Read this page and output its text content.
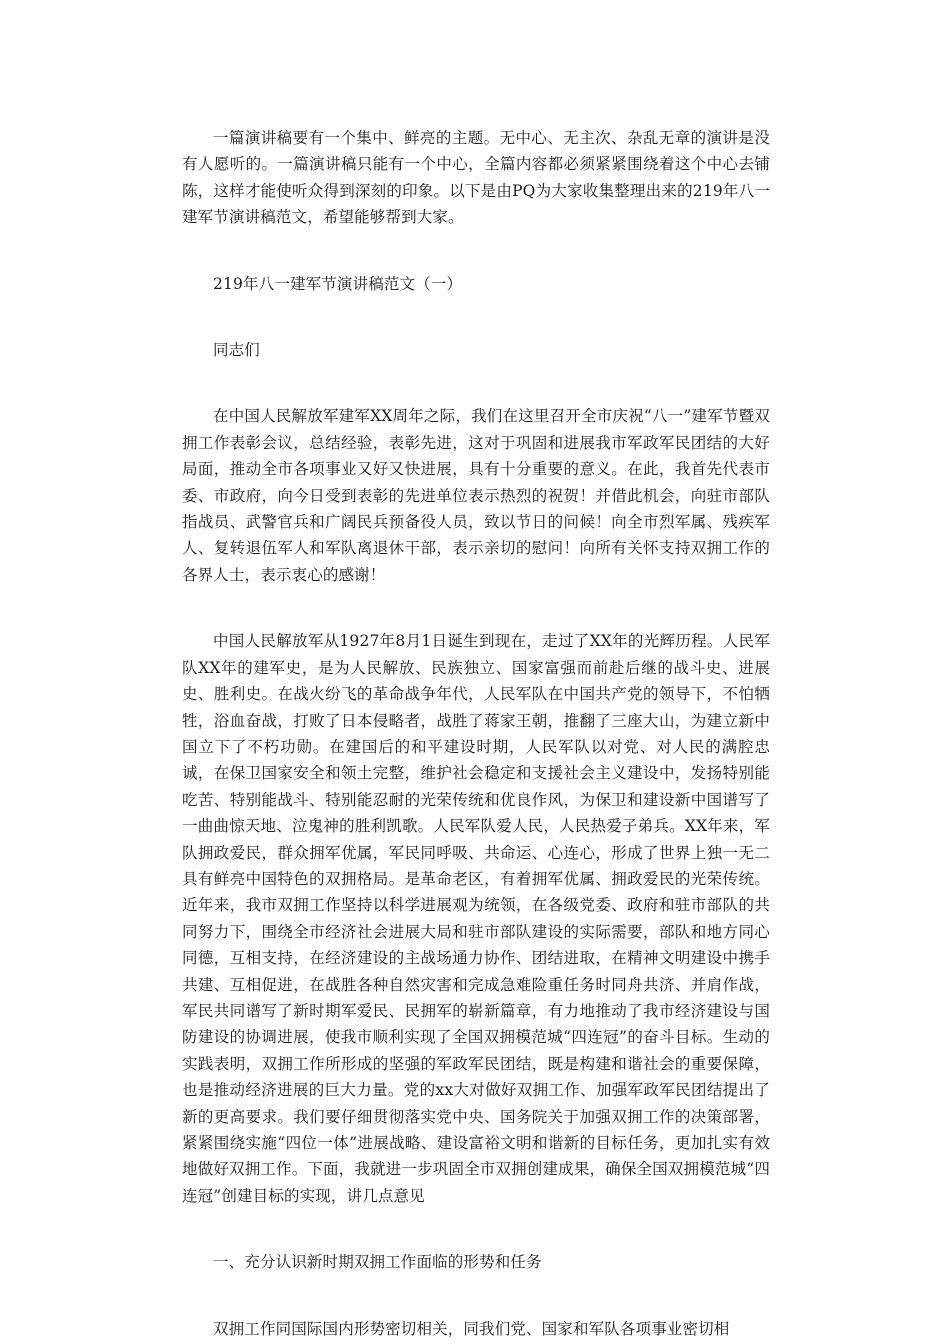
一篇演讲稿要有一个集中、鲜亮的主题。无中心、无主次、杂乱无章的演讲是没有人愿听的。一篇演讲稿只能有一个中心，全篇内容都必须紧紧围绕着这个中心去铺陈，这样才能使听众得到深刻的印象。以下是由PQ为大家收集整理出来的219年八一建军节演讲稿范文，希望能够帮到大家。

219年八一建军节演讲稿范文（一）

同志们

在中国人民解放军建军XX周年之际，我们在这里召开全市庆祝“八一”建军节暨双拥工作表彰会议，总结经验，表彰先进，这对于巩固和进展我市军政军民团结的大好局面，推动全市各项事业又好又快进展，具有十分重要的意义。在此，我首先代表市委、市政府，向今日受到表彰的先进单位表示热烈的祝贺！并借此机会，向驻市部队指战员、武警官兵和广阔民兵预备役人员，致以节日的问候！向全市烈军属、残疾军人、复转退伍军人和军队离退休干部，表示亲切的慰问！向所有关怀支持双拥工作的各界人士，表示衷心的感谢！

中国人民解放军从1927年8月1日诞生到现在，走过了XX年的光辉历程。人民军队XX年的建军史，是为人民解放、民族独立、国家富强而前赴后继的战斗史、进展史、胜利史。在战火纷飞的革命战争年代，人民军队在中国共产党的领导下，不怕牺牲，浴血奋战，打败了日本侵略者，战胜了蒋家王朝，推翻了三座大山，为建立新中国立下了不朽功勋。在建国后的和平建设时期，人民军队以对党、对人民的满腔忠诚，在保卫国家安全和领土完整，维护社会稳定和支援社会主义建设中，发扬特别能吃苦、特别能战斗、特别能忍耐的光荣传统和优良作风，为保卫和建设新中国谱写了一曲曲惊天地、泣鬼神的胜利凯歌。人民军队爱人民，人民热爱子弟兵。XX年来，军队拥政爱民，群众拥军优属，军民同呼吸、共命运、心连心，形成了世界上独一无二具有鲜亮中国特色的双拥格局。是革命老区，有着拥军优属、拥政爱民的光荣传统。近年来，我市双拥工作坚持以科学进展观为统领，在各级党委、政府和驻市部队的共同努力下，围绕全市经济社会进展大局和驻市部队建设的实际需要，部队和地方同心同德，互相支持，在经济建设的主战场通力协作、团结进取，在精神文明建设中携手共建、互相促进，在战胜各种自然灾害和完成急难险重任务时同舟共济、并肩作战，军民共同谱写了新时期军爱民、民拥军的崭新篇章，有力地推动了我市经济建设与国防建设的协调进展，使我市顺利实现了全国双拥模范城“四连冠”的奋斗目标。生动的实践表明，双拥工作所形成的坚强的军政军民团结，既是构建和谐社会的重要保障，也是推动经济进展的巨大力量。党的xx大对做好双拥工作、加强军政军民团结提出了新的更高要求。我们要仔细贯彻落实党中央、国务院关于加强双拥工作的决策部署，紧紧围绕实施“四位一体”进展战略、建设富裕文明和谐新的目标任务，更加扎实有效地做好双拥工作。下面，我就进一步巩固全市双拥创建成果，确保全国双拥模范城“四连冠”创建目标的实现，讲几点意见

一、充分认识新时期双拥工作面临的形势和任务

双拥工作同国际国内形势密切相关，同我们党、国家和军队各项事业密切相
